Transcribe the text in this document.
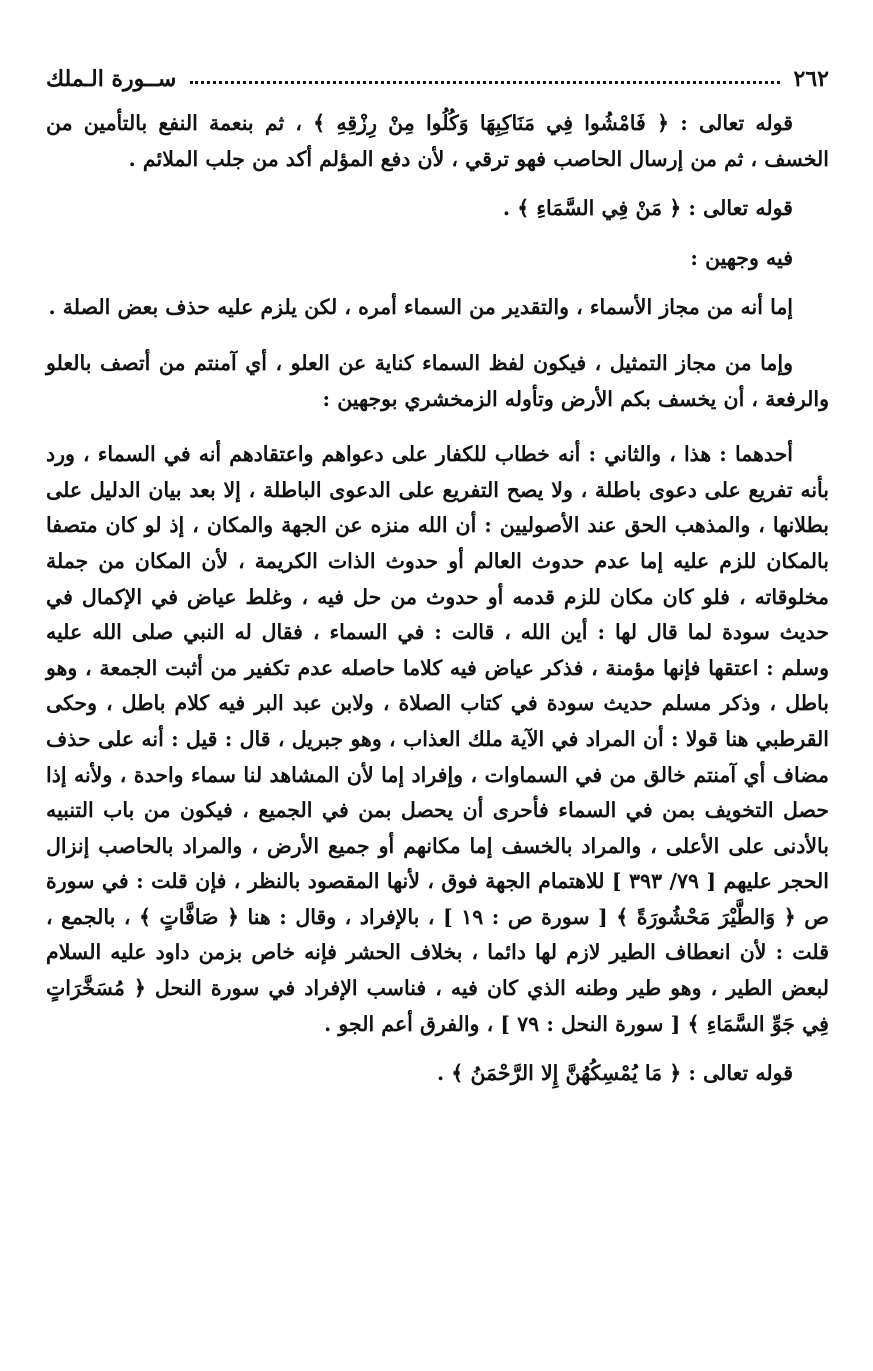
٢٦٢
ســورة الـملك

قوله تعالى : ﴿ فَامْشُوا فِي مَنَاكِبِهَا وَكُلُوا مِنْ رِزْقِهِ ﴾ ، ثم بنعمة النفع بالتأمين من الخسف ، ثم من إرسال الحاصب فهو ترقي ، لأن دفع المؤلم أكد من جلب الملائم .

قوله تعالى : ﴿ مَنْ فِي السَّمَاءِ ﴾ .

فيه وجهين :

إما أنه من مجاز الأسماء ، والتقدير من السماء أمره ، لكن يلزم عليه حذف بعض الصلة .

وإما من مجاز التمثيل ، فيكون لفظ السماء كناية عن العلو ، أي آمنتم من أتصف بالعلو والرفعة ، أن يخسف بكم الأرض وتأوله الزمخشري بوجهين :

أحدهما : هذا ، والثاني : أنه خطاب للكفار على دعواهم واعتقادهم أنه في السماء ، ورد بأنه تفريع على دعوى باطلة ، ولا يصح التفريع على الدعوى الباطلة ، إلا بعد بيان الدليل على بطلانها ، والمذهب الحق عند الأصوليين : أن الله منزه عن الجهة والمكان ، إذ لو كان متصفا بالمكان للزم عليه إما عدم حدوث العالم أو حدوث الذات الكريمة ، لأن المكان من جملة مخلوقاته ، فلو كان مكان للزم قدمه أو حدوث من حل فيه ، وغلط عياض في الإكمال في حديث سودة لما قال لها : أين الله ، قالت : في السماء ، فقال له النبي صلى الله عليه وسلم : اعتقها فإنها مؤمنة ، فذكر عياض فيه كلاما حاصله عدم تكفير من أثبت الجمعة ، وهو باطل ، وذكر مسلم حديث سودة في كتاب الصلاة ، ولابن عبد البر فيه كلام باطل ، وحكى القرطبي هنا قولا : أن المراد في الآية ملك العذاب ، وهو جبريل ، قال : قيل : أنه على حذف مضاف أي آمنتم خالق من في السماوات ، وإفراد إما لأن المشاهد لنا سماء واحدة ، ولأنه إذا حصل التخويف بمن في السماء فأحرى أن يحصل بمن في الجميع ، فيكون من باب التنبيه بالأدنى على الأعلى ، والمراد بالخسف إما مكانهم أو جميع الأرض ، والمراد بالحاصب إنزال الحجر عليهم [ ٧٩/ ٣٩٣ ] للاهتمام الجهة فوق ، لأنها المقصود بالنظر ، فإن قلت : في سورة ص ﴿ وَالطَّيْرَ مَحْشُورَةً ﴾ [ سورة ص : ١٩ ] ، بالإفراد ، وقال : هنا ﴿ صَافَّاتٍ ﴾ ، بالجمع ، قلت : لأن انعطاف الطير لازم لها دائما ، بخلاف الحشر فإنه خاص بزمن داود عليه السلام لبعض الطير ، وهو طير وطنه الذي كان فيه ، فناسب الإفراد في سورة النحل ﴿ مُسَخَّرَاتٍ فِي جَوِّ السَّمَاءِ ﴾ [ سورة النحل : ٧٩ ] ، والفرق أعم الجو .

قوله تعالى : ﴿ مَا يُمْسِكُهُنَّ إِلا الرَّحْمَنُ ﴾ .
